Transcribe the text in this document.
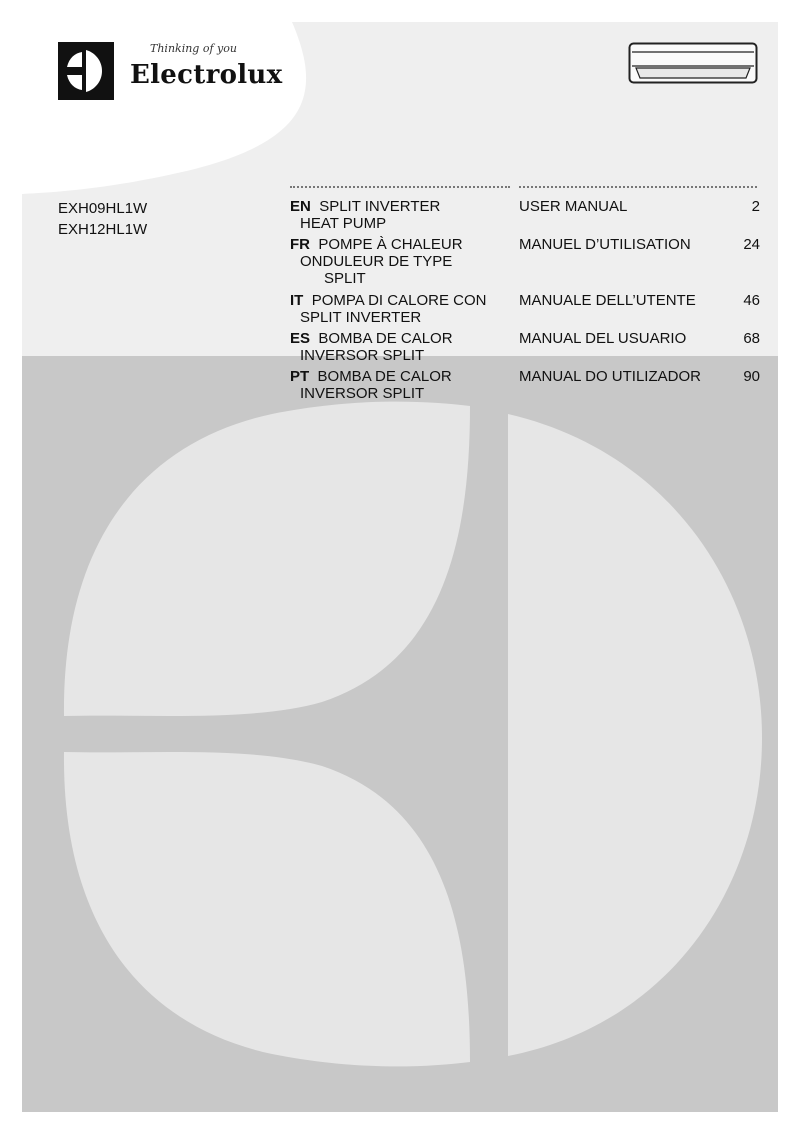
Thinking of you
Electrolux
EXH09HL1W
EXH12HL1W
EN SPLIT INVERTER
HEAT PUMP
USER MANUAL	2
FR POMPE À CHALEUR
ONDULEUR DE TYPE
SPLIT
MANUEL D’UTILISATION	24
IT POMPA DI CALORE CON
SPLIT INVERTER
MANUALE DELL’UTENTE	46
ES BOMBA DE CALOR
INVERSOR SPLIT
MANUAL DEL USUARIO	68
PT BOMBA DE CALOR
INVERSOR SPLIT
MANUAL DO UTILIZADOR	90
